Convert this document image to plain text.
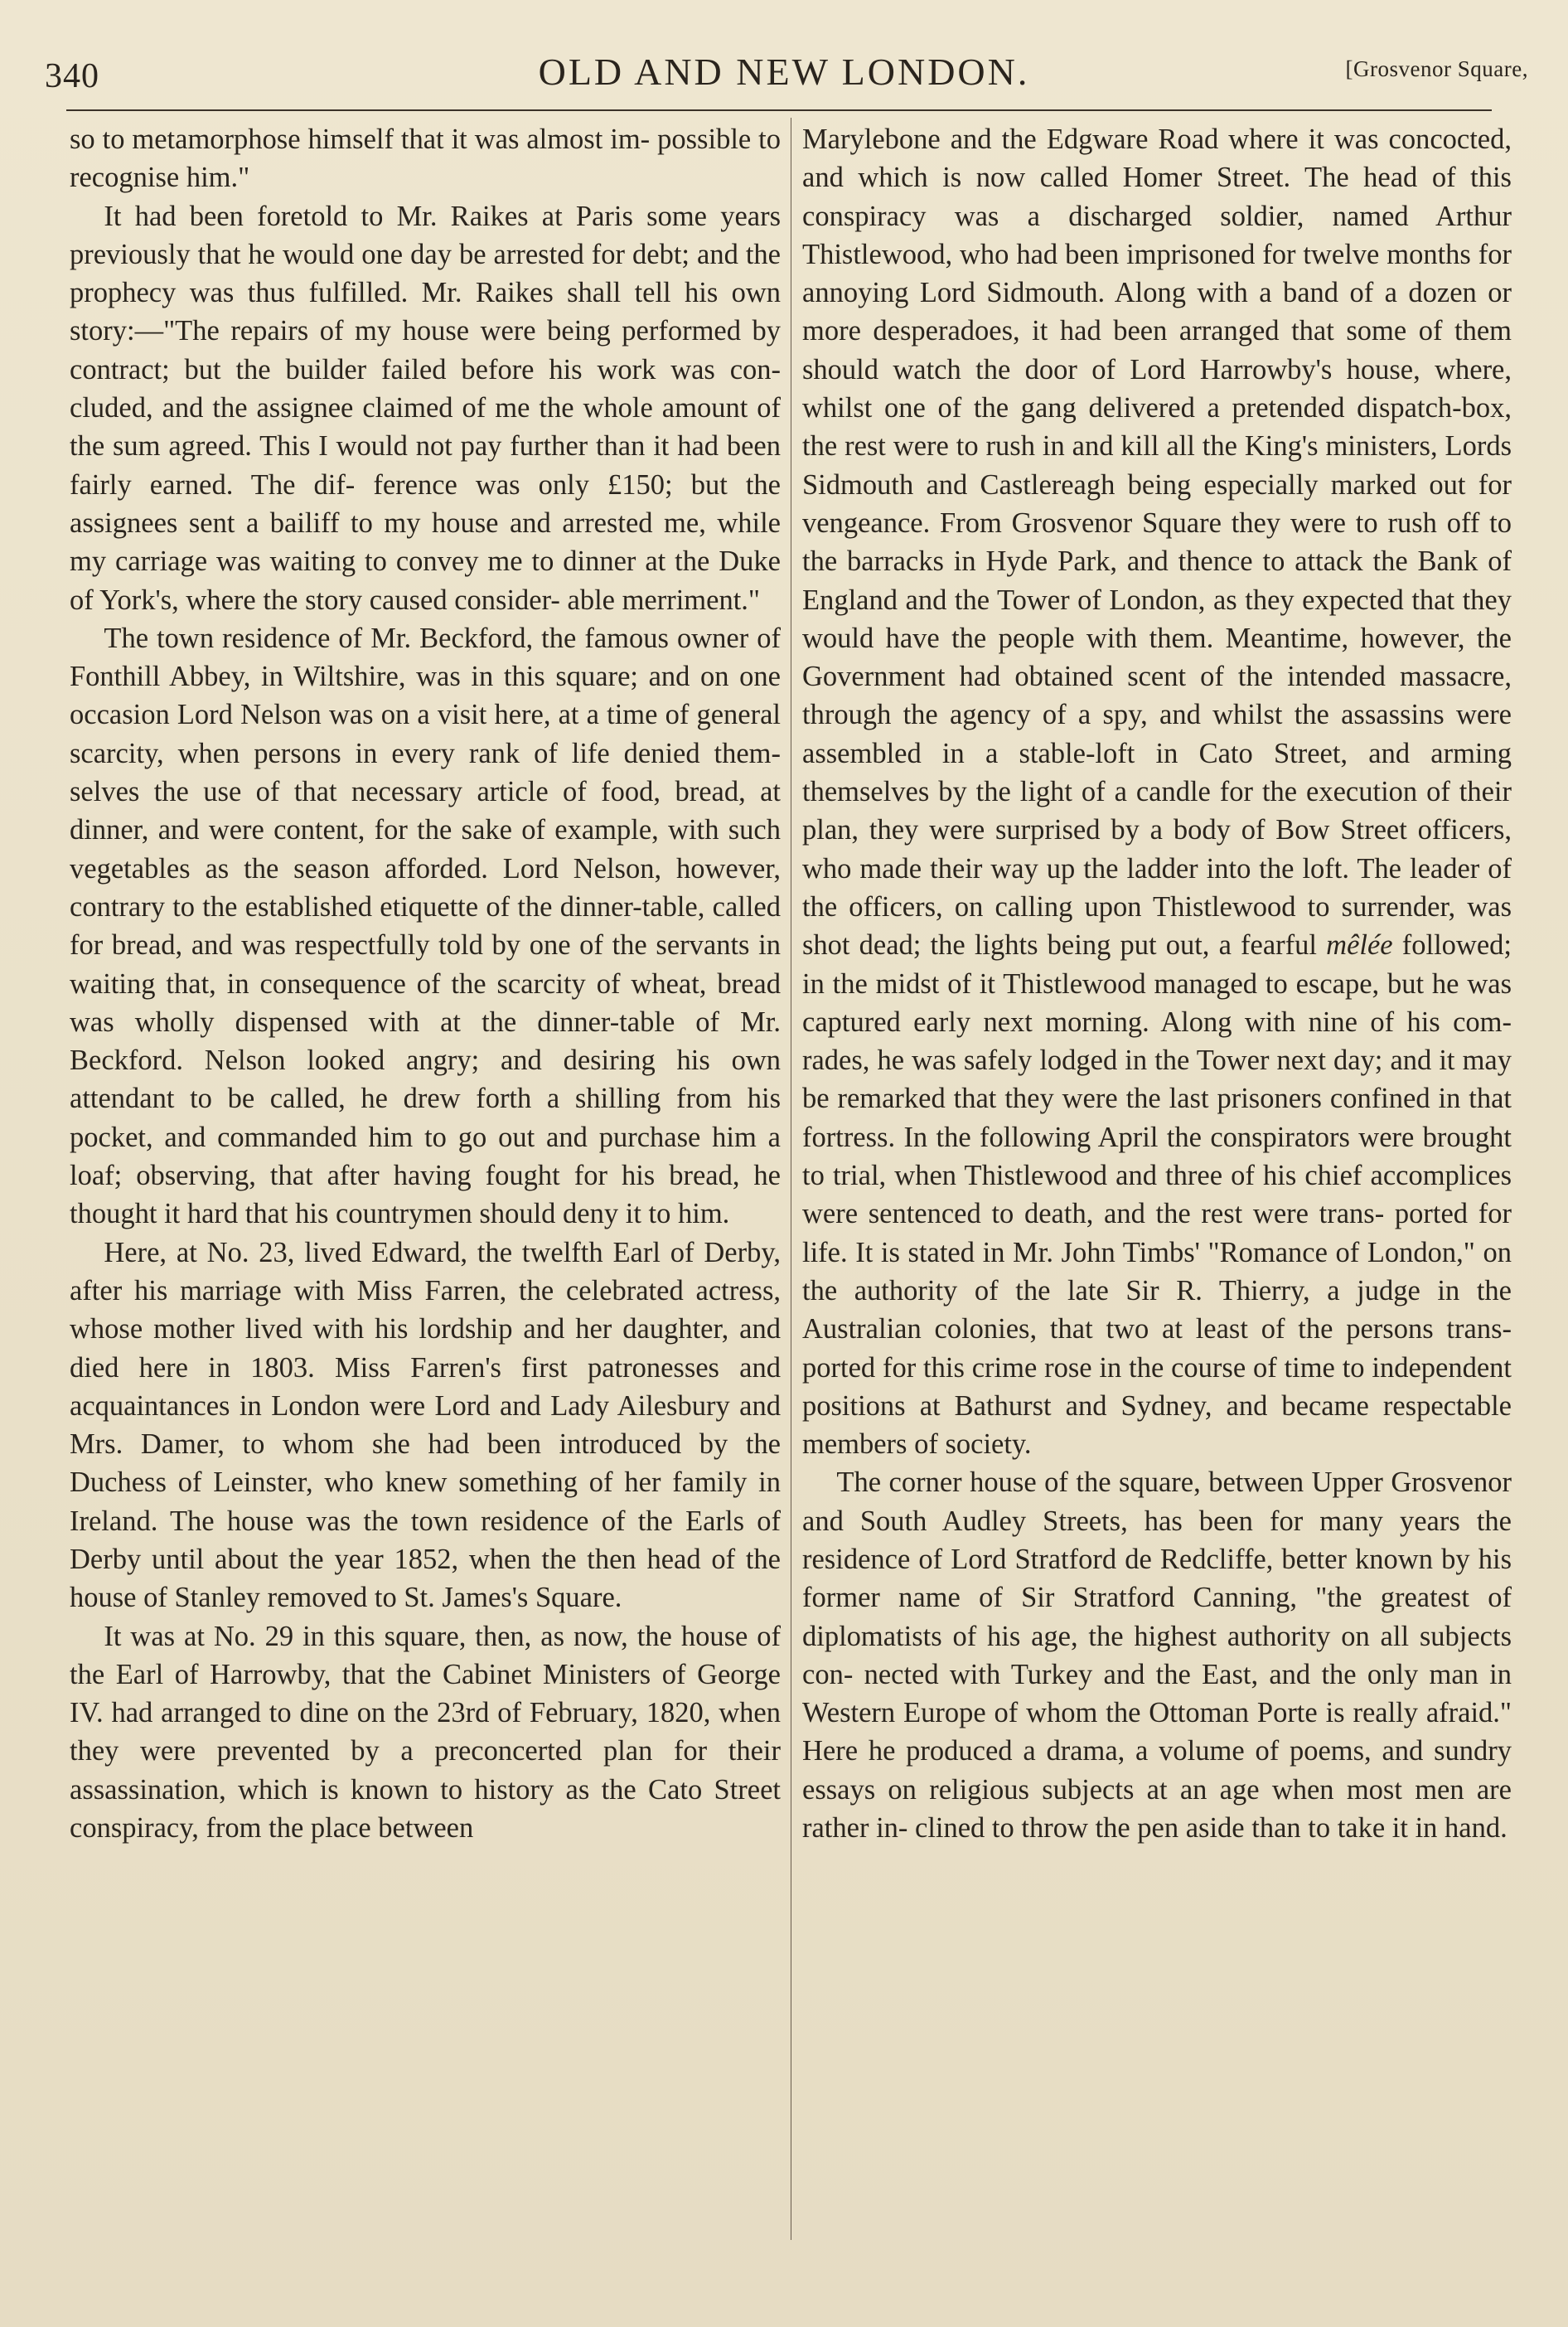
340	OLD AND NEW LONDON.	[Grosvenor Square,

so to metamorphose himself that it was almost im- possible to recognise him."

It had been foretold to Mr. Raikes at Paris some years previously that he would one day be arrested for debt; and the prophecy was thus fulfilled. Mr. Raikes shall tell his own story:—"The repairs of my house were being performed by contract; but the builder failed before his work was con- cluded, and the assignee claimed of me the whole amount of the sum agreed. This I would not pay further than it had been fairly earned. The dif- ference was only £150; but the assignees sent a bailiff to my house and arrested me, while my carriage was waiting to convey me to dinner at the Duke of York's, where the story caused consider- able merriment."

The town residence of Mr. Beckford, the famous owner of Fonthill Abbey, in Wiltshire, was in this square; and on one occasion Lord Nelson was on a visit here, at a time of general scarcity, when persons in every rank of life denied them- selves the use of that necessary article of food, bread, at dinner, and were content, for the sake of example, with such vegetables as the season afforded. Lord Nelson, however, contrary to the established etiquette of the dinner-table, called for bread, and was respectfully told by one of the servants in waiting that, in consequence of the scarcity of wheat, bread was wholly dispensed with at the dinner-table of Mr. Beckford. Nelson looked angry; and desiring his own attendant to be called, he drew forth a shilling from his pocket, and commanded him to go out and purchase him a loaf; observing, that after having fought for his bread, he thought it hard that his countrymen should deny it to him.

Here, at No. 23, lived Edward, the twelfth Earl of Derby, after his marriage with Miss Farren, the celebrated actress, whose mother lived with his lordship and her daughter, and died here in 1803. Miss Farren's first patronesses and acquaintances in London were Lord and Lady Ailesbury and Mrs. Damer, to whom she had been introduced by the Duchess of Leinster, who knew something of her family in Ireland. The house was the town residence of the Earls of Derby until about the year 1852, when the then head of the house of Stanley removed to St. James's Square.

It was at No. 29 in this square, then, as now, the house of the Earl of Harrowby, that the Cabinet Ministers of George IV. had arranged to dine on the 23rd of February, 1820, when they were prevented by a preconcerted plan for their assassination, which is known to history as the Cato Street conspiracy, from the place between

Marylebone and the Edgware Road where it was concocted, and which is now called Homer Street. The head of this conspiracy was a discharged soldier, named Arthur Thistlewood, who had been imprisoned for twelve months for annoying Lord Sidmouth. Along with a band of a dozen or more desperadoes, it had been arranged that some of them should watch the door of Lord Harrowby's house, where, whilst one of the gang delivered a pretended dispatch-box, the rest were to rush in and kill all the King's ministers, Lords Sidmouth and Castlereagh being especially marked out for vengeance. From Grosvenor Square they were to rush off to the barracks in Hyde Park, and thence to attack the Bank of England and the Tower of London, as they expected that they would have the people with them. Meantime, however, the Government had obtained scent of the intended massacre, through the agency of a spy, and whilst the assassins were assembled in a stable-loft in Cato Street, and arming themselves by the light of a candle for the execution of their plan, they were surprised by a body of Bow Street officers, who made their way up the ladder into the loft. The leader of the officers, on calling upon Thistlewood to surrender, was shot dead; the lights being put out, a fearful mêlée followed; in the midst of it Thistlewood managed to escape, but he was captured early next morning. Along with nine of his com- rades, he was safely lodged in the Tower next day; and it may be remarked that they were the last prisoners confined in that fortress. In the following April the conspirators were brought to trial, when Thistlewood and three of his chief accomplices were sentenced to death, and the rest were trans- ported for life. It is stated in Mr. John Timbs' "Romance of London," on the authority of the late Sir R. Thierry, a judge in the Australian colonies, that two at least of the persons trans- ported for this crime rose in the course of time to independent positions at Bathurst and Sydney, and became respectable members of society.

The corner house of the square, between Upper Grosvenor and South Audley Streets, has been for many years the residence of Lord Stratford de Redcliffe, better known by his former name of Sir Stratford Canning, "the greatest of diplomatists of his age, the highest authority on all subjects con- nected with Turkey and the East, and the only man in Western Europe of whom the Ottoman Porte is really afraid." Here he produced a drama, a volume of poems, and sundry essays on religious subjects at an age when most men are rather in- clined to throw the pen aside than to take it in hand.
